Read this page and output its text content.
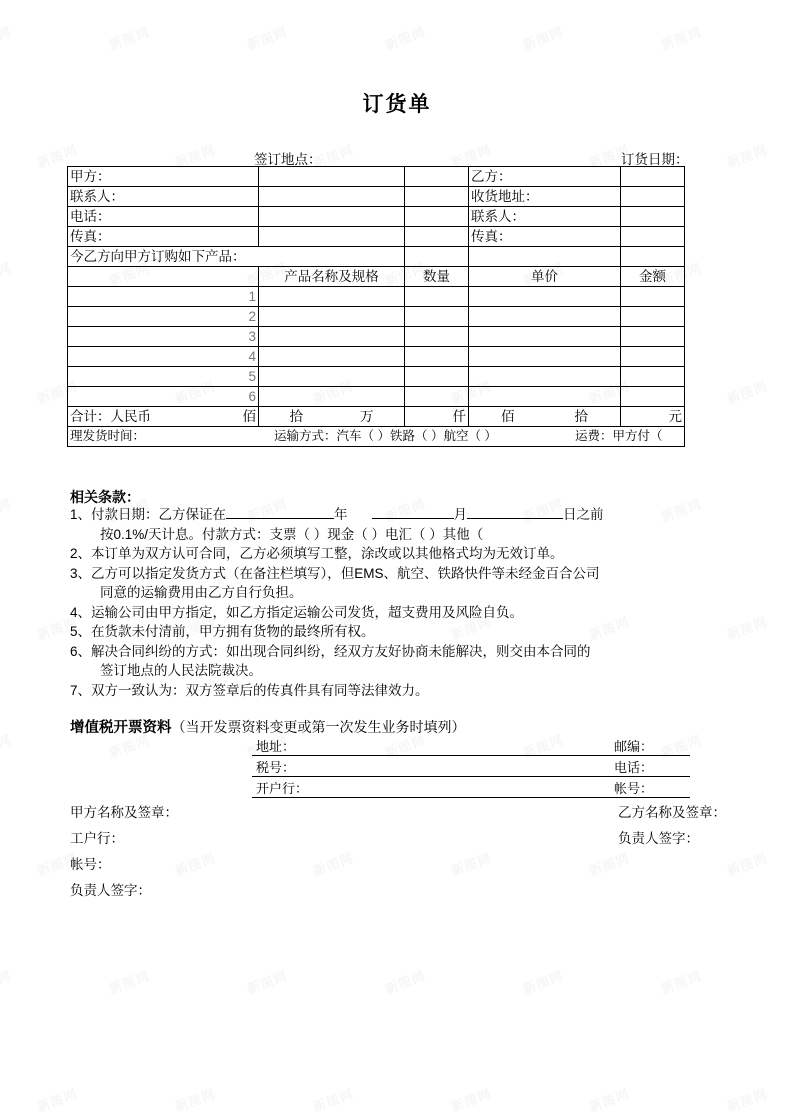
订货单
签订地点：	订货日期：
甲方：			乙方：	
联系人：			收货地址：	
电话：			联系人：	
传真：			传真：	
今乙方向甲方订购如下产品：				
	产品名称及规格	数量	单价	金额
1				
2				
3				
4				
5				
6				

合计：人民币 佰	拾 万	仟	佰 拾	元

理发货时间： 运输方式：汽车（ ）铁路（ ）航空（ ） 运费：甲方付（				
相关条款：
1、付款日期：乙方保证在	年	月	日之前
按0.1%/天计息。付款方式：支票（ ）现金（ ）电汇（ ）其他（
2、本订单为双方认可合同，乙方必须填写工整，涂改或以其他格式均为无效订单。
3、乙方可以指定发货方式（在备注栏填写），但EMS、航空、铁路快件等未经金百合公司
同意的运输费用由乙方自行负担。
4、运输公司由甲方指定，如乙方指定运输公司发货，超支费用及风险自负。
5、在货款未付清前，甲方拥有货物的最终所有权。
6、解决合同纠纷的方式：如出现合同纠纷，经双方友好协商未能解决，则交由本合同的
签订地点的人民法院裁决。
7、双方一致认为：双方签章后的传真件具有同等法律效力。
增值税开票资料（当开发票资料变更或第一次发生业务时填列）
地址：	邮编：
税号：	电话：
开户行：	帐号：
甲方名称及签章：	乙方名称及签章：
工户行：	负责人签字：
帐号：
负责人签字：
